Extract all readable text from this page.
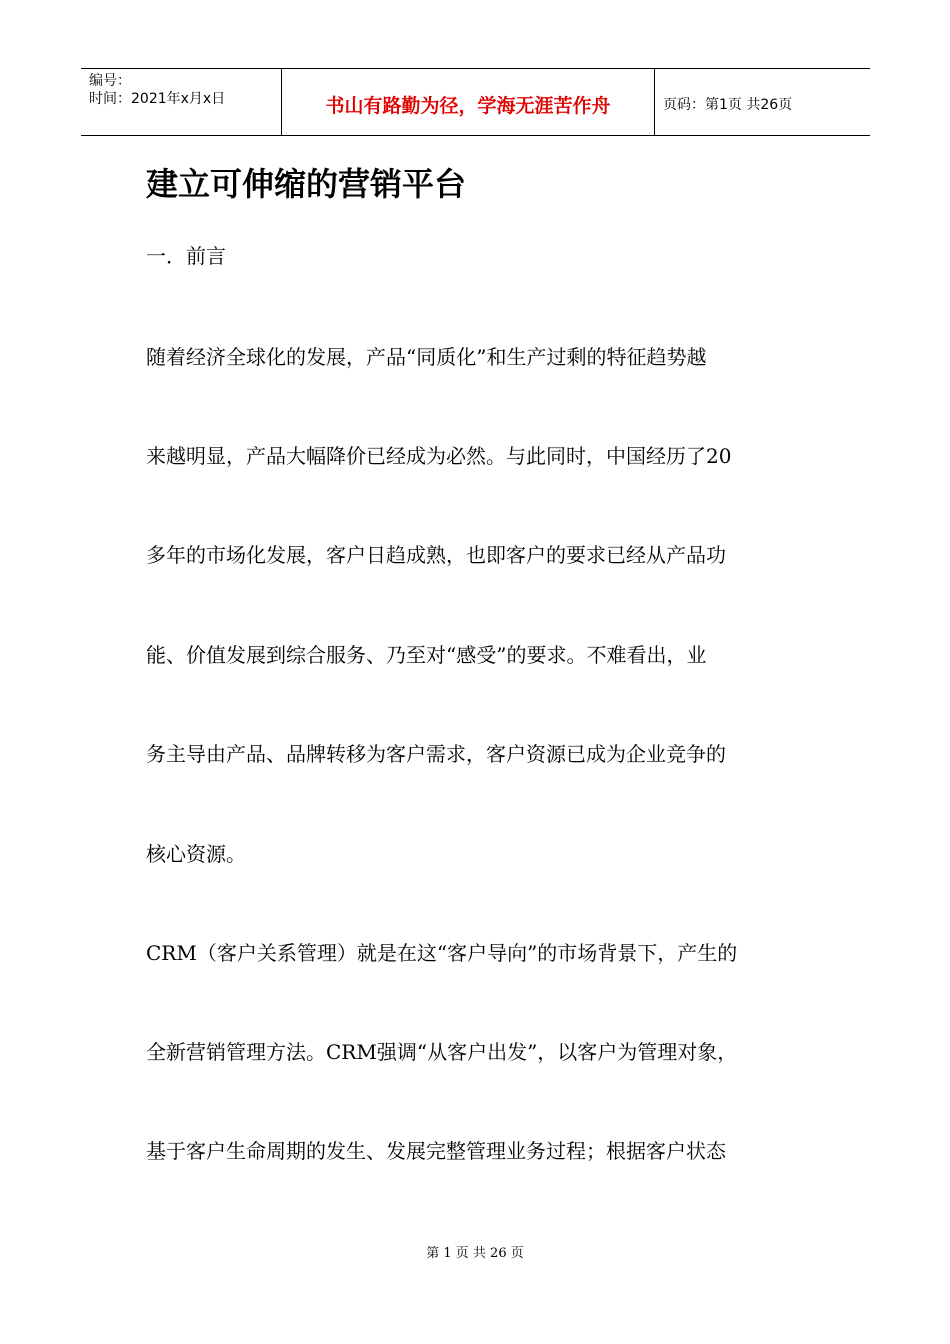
编号：
时间：2021年x月x日	书山有路勤为径，学海无涯苦作舟	页码：第1页 共26页
建立可伸缩的营销平台

一．前言

随着经济全球化的发展，产品“同质化”和生产过剩的特征趋势越

来越明显，产品大幅降价已经成为必然。与此同时，中国经历了20

多年的市场化发展，客户日趋成熟，也即客户的要求已经从产品功

能、价值发展到综合服务、乃至对“感受”的要求。不难看出，业

务主导由产品、品牌转移为客户需求，客户资源已成为企业竞争的

核心资源。

CRM（客户关系管理）就是在这“客户导向”的市场背景下，产生的

全新营销管理方法。CRM强调“从客户出发”，以客户为管理对象，

基于客户生命周期的发生、发展完整管理业务过程；根据客户状态

第 1 页 共 26 页
